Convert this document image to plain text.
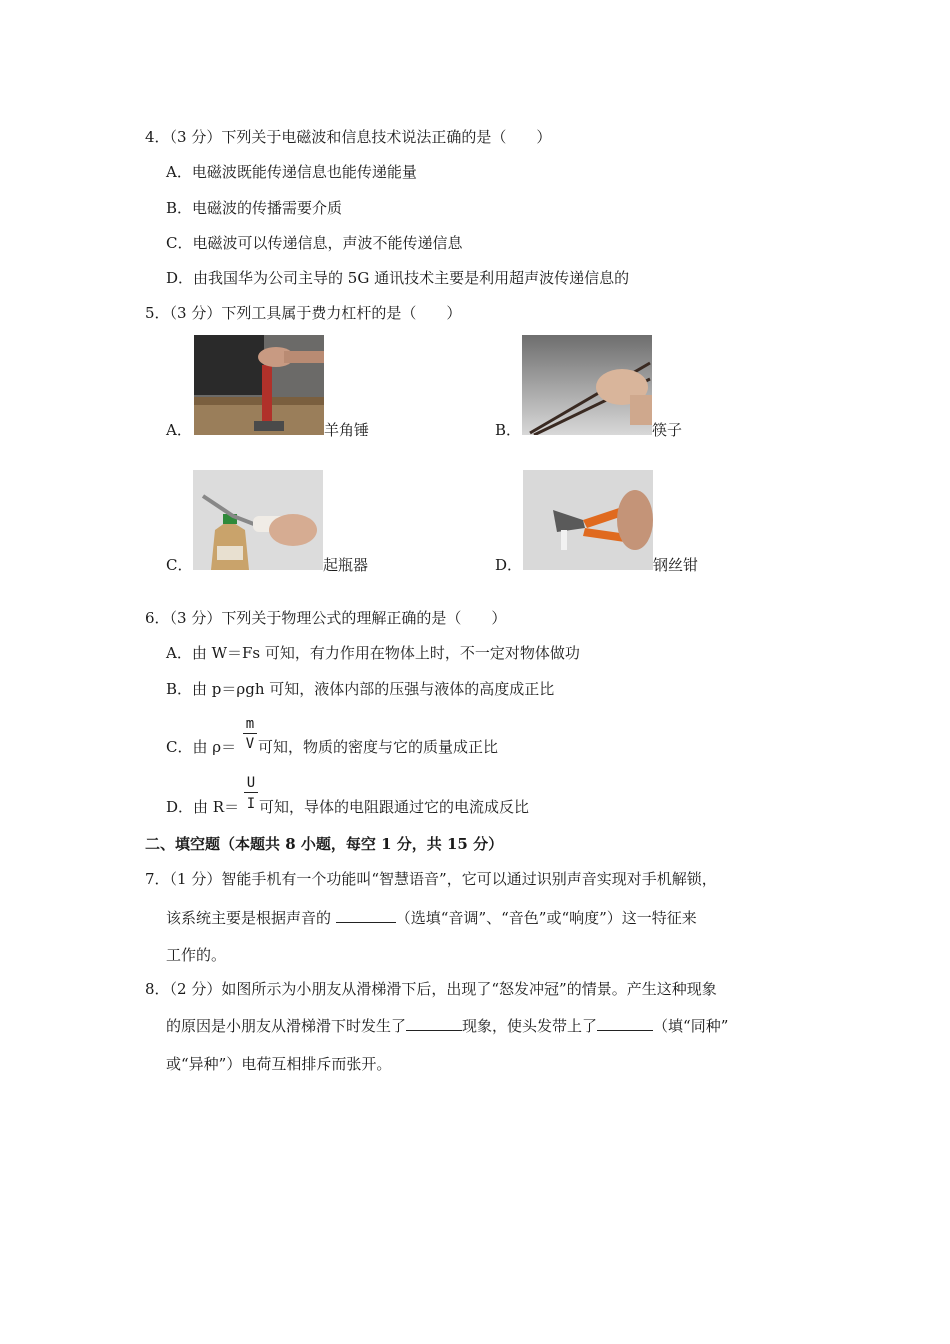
4．（3 分）下列关于电磁波和信息技术说法正确的是（　　）
A．电磁波既能传递信息也能传递能量
B．电磁波的传播需要介质
C．电磁波可以传递信息，声波不能传递信息
D．由我国华为公司主导的 5G 通讯技术主要是利用超声波传递信息的
5．（3 分）下列工具属于费力杠杆的是（　　）
A．	羊角锤	B．	筷子
C．	起瓶器	D．	钢丝钳
6．（3 分）下列关于物理公式的理解正确的是（　　）
A．由 W＝Fs 可知，有力作用在物体上时，不一定对物体做功
B．由 p＝ρgh 可知，液体内部的压强与液体的高度成正比
C．由 ρ＝
m
V 可知，物质的密度与它的质量成正比
D．由 R＝
U
I 可知，导体的电阻跟通过它的电流成反比
二、填空题（本题共 8 小题，每空 1 分，共 15 分）
7．（1 分）智能手机有一个功能叫“智慧语音”，它可以通过识别声音实现对手机解锁，
该系统主要是根据声音的	（选填“音调”、“音色”或“响度”）这一特征来
工作的。
8．（2 分）如图所示为小朋友从滑梯滑下后，出现了“怒发冲冠”的情景。产生这种现象
的原因是小朋友从滑梯滑下时发生了	现象，使头发带上了	（填“同种”
或“异种”）电荷互相排斥而张开。
